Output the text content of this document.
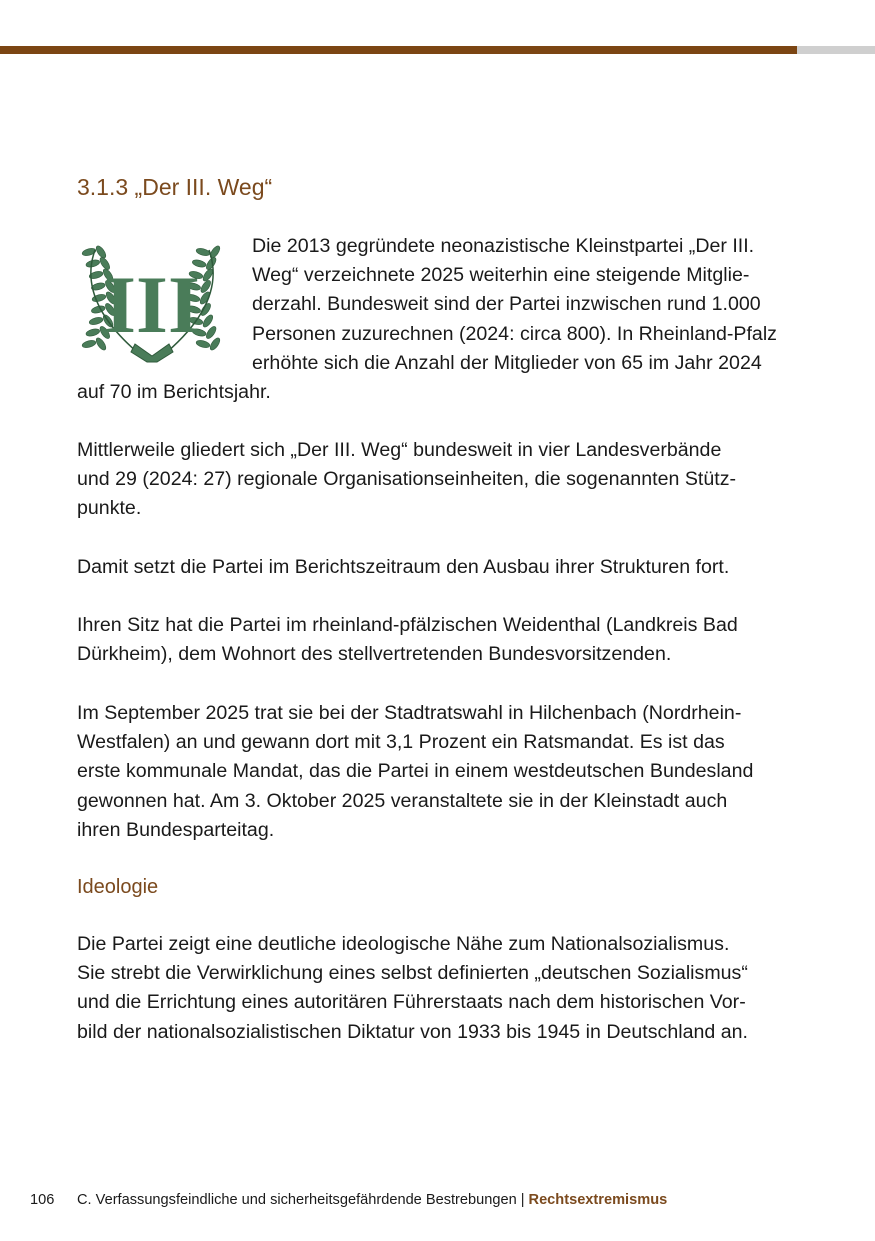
3.1.3 „Der III. Weg“
III
Die 2013 gegründete neonazistische Kleinstpartei „Der III.
Weg“ verzeichnete 2025 weiterhin eine steigende Mitglie-
derzahl. Bundesweit sind der Partei inzwischen rund 1.000
Personen zuzurechnen (2024: circa 800). In Rheinland-Pfalz
erhöhte sich die Anzahl der Mitglieder von 65 im Jahr 2024
auf 70 im Berichtsjahr.
Mittlerweile gliedert sich „Der III. Weg“ bundesweit in vier Landesverbände
und 29 (2024: 27) regionale Organisationseinheiten, die sogenannten Stütz-
punkte.
Damit setzt die Partei im Berichtszeitraum den Ausbau ihrer Strukturen fort.
Ihren Sitz hat die Partei im rheinland-pfälzischen Weidenthal (Landkreis Bad
Dürkheim), dem Wohnort des stellvertretenden Bundesvorsitzenden.
Im September 2025 trat sie bei der Stadtratswahl in Hilchenbach (Nordrhein-
Westfalen) an und gewann dort mit 3,1 Prozent ein Ratsmandat. Es ist das
erste kommunale Mandat, das die Partei in einem westdeutschen Bundesland
gewonnen hat. Am 3. Oktober 2025 veranstaltete sie in der Kleinstadt auch
ihren Bundesparteitag.
Ideologie
Die Partei zeigt eine deutliche ideologische Nähe zum Nationalsozialismus.
Sie strebt die Verwirklichung eines selbst definierten „deutschen Sozialismus“
und die Errichtung eines autoritären Führerstaats nach dem historischen Vor-
bild der nationalsozialistischen Diktatur von 1933 bis 1945 in Deutschland an.
106 C. Verfassungsfeindliche und sicherheitsgefährdende Bestrebungen | Rechtsextremismus
